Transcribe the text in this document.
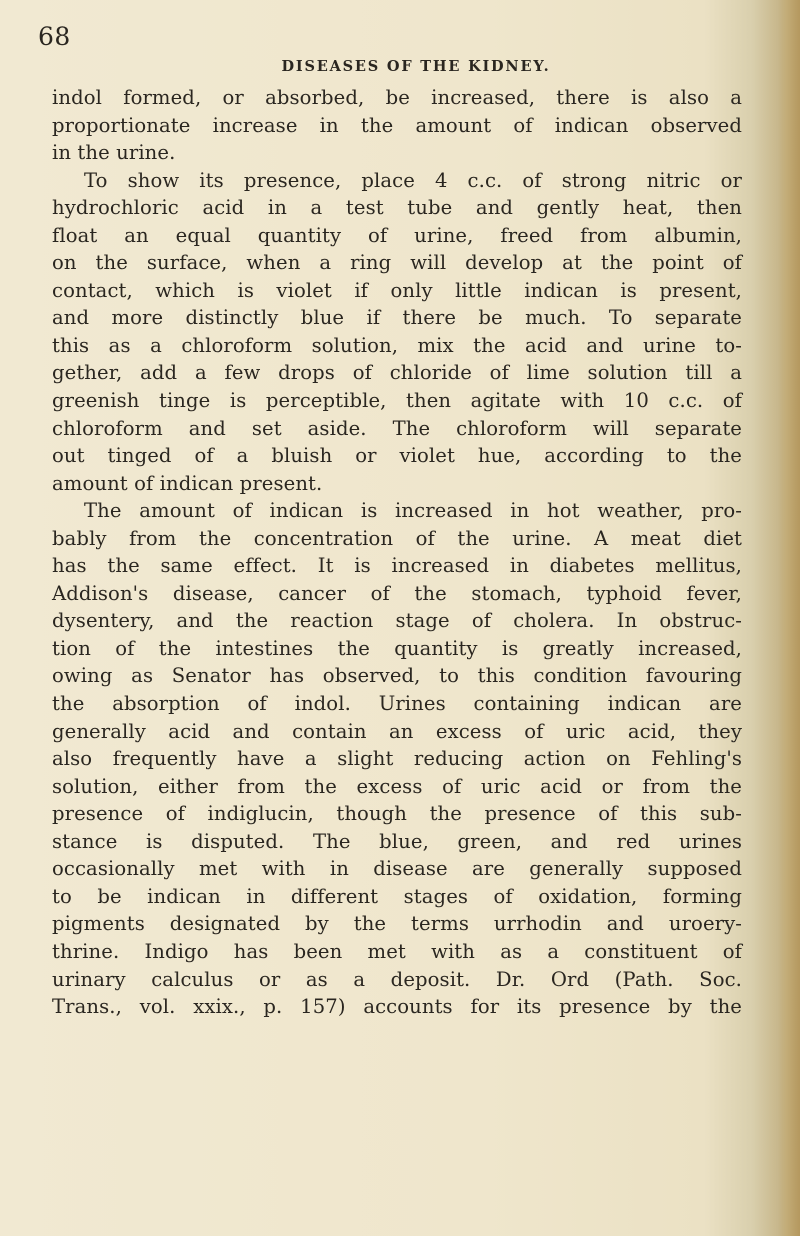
68
DISEASES OF THE KIDNEY.
indol formed, or absorbed, be increased, there is also a
proportionate increase in the amount of indican observed
in the urine.
To show its presence, place 4 c.c. of strong nitric or
hydrochloric acid in a test tube and gently heat, then
float an equal quantity of urine, freed from albumin,
on the surface, when a ring will develop at the point of
contact, which is violet if only little indican is present,
and more distinctly blue if there be much. To separate
this as a chloroform solution, mix the acid and urine to-
gether, add a few drops of chloride of lime solution till a
greenish tinge is perceptible, then agitate with 10 c.c. of
chloroform and set aside. The chloroform will separate
out tinged of a bluish or violet hue, according to the
amount of indican present.
The amount of indican is increased in hot weather, pro-
bably from the concentration of the urine. A meat diet
has the same effect. It is increased in diabetes mellitus,
Addison's disease, cancer of the stomach, typhoid fever,
dysentery, and the reaction stage of cholera. In obstruc-
tion of the intestines the quantity is greatly increased,
owing as Senator has observed, to this condition favouring
the absorption of indol. Urines containing indican are
generally acid and contain an excess of uric acid, they
also frequently have a slight reducing action on Fehling's
solution, either from the excess of uric acid or from the
presence of indiglucin, though the presence of this sub-
stance is disputed. The blue, green, and red urines
occasionally met with in disease are generally supposed
to be indican in different stages of oxidation, forming
pigments designated by the terms urrhodin and uroery-
thrine. Indigo has been met with as a constituent of
urinary calculus or as a deposit. Dr. Ord (Path. Soc.
Trans., vol. xxix., p. 157) accounts for its presence by the
